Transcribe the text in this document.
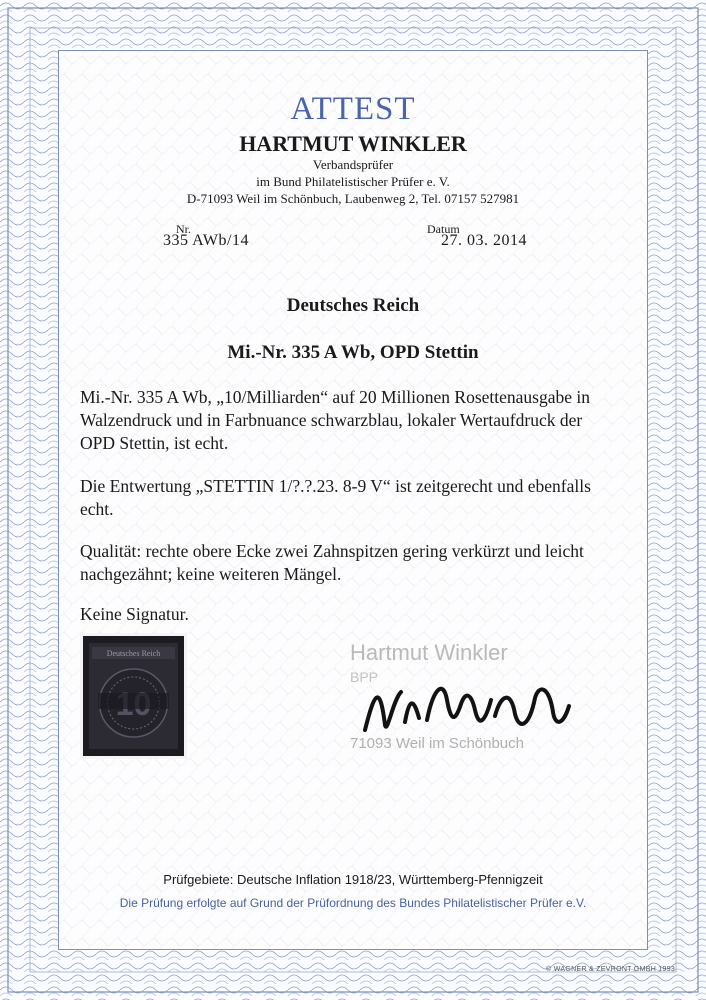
ATTEST

HARTMUT WINKLER

Verbandsprüfer

im Bund Philatelistischer Prüfer e. V.

D-71093 Weil im Schönbuch, Laubenweg 2, Tel. 07157 527981

Nr.

335 AWb/14

Datum

27. 03. 2014

Deutsches Reich

Mi.-Nr. 335 A Wb, OPD Stettin

Mi.-Nr. 335 A Wb, „10/Milliarden“ auf 20 Millionen Rosettenausgabe in

Walzendruck und in Farbnuance schwarzblau, lokaler Wertaufdruck der

OPD Stettin, ist echt.

Die Entwertung „STETTIN 1/?.?.23. 8-9 V“ ist zeitgerecht und ebenfalls

echt.

Qualität: rechte obere Ecke zwei Zahnspitzen gering verkürzt und leicht

nachgezähnt; keine weiteren Mängel.

Keine Signatur.

Deutsches Reich	Hartmut Winkler
BPP
71093 Weil im Schönbuch

Prüfgebiete: Deutsche Inflation 1918/23, Württemberg-Pfennigzeit

Die Prüfung erfolgte auf Grund der Prüfordnung des Bundes Philatelistischer Prüfer e.V.

© WAGNER & ZEVRONT GMBH 1993
